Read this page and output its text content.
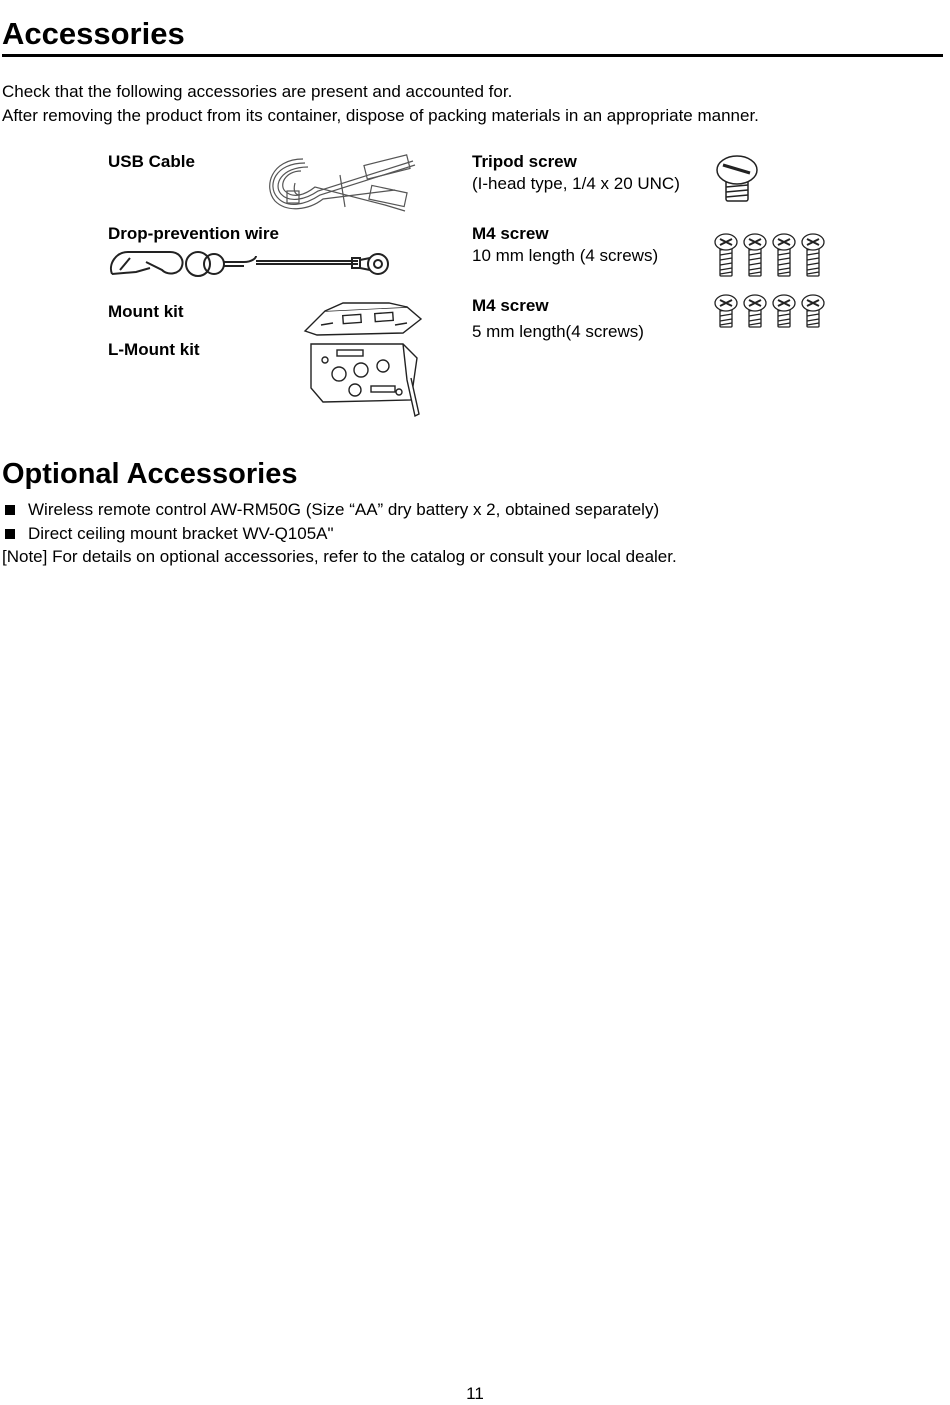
Accessories
Check that the following accessories are present and accounted for.
After removing the product from its container, dispose of packing materials in an appropriate manner.
USB Cable	Tripod screw
(I-head type, 1/4 x 20 UNC)
Drop-prevention wire	M4 screw
10 mm length (4 screws)
Mount kit
L-Mount kit
M4 screw
5 mm length(4 screws)
Optional Accessories
Wireless remote control AW-RM50G (Size “AA” dry battery x 2, obtained separately)
Direct ceiling mount bracket WV-Q105A"
[Note] For details on optional accessories, refer to the catalog or consult your local dealer.
11
